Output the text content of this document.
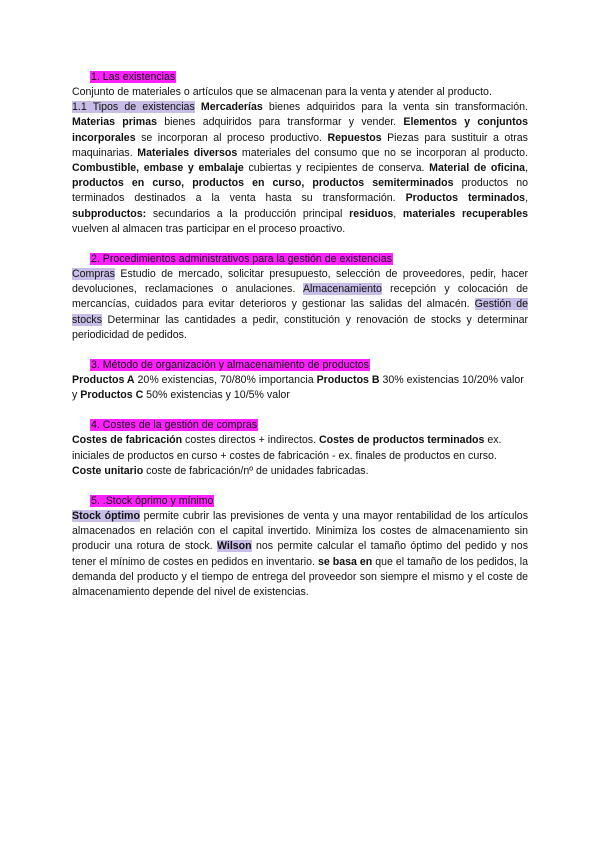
1. Las existencias

Conjunto de materiales o artículos que se almacenan para la venta y atender al producto.

1.1 Tipos de existencias Mercaderías bienes adquiridos para la venta sin transformación. Materias primas bienes adquiridos para transformar y vender. Elementos y conjuntos incorporales se incorporan al proceso productivo. Repuestos Piezas para sustituir a otras maquinarias. Materiales diversos materiales del consumo que no se incorporan al producto. Combustible, embase y embalaje cubiertas y recipientes de conserva. Material de oficina, productos en curso, productos en curso, productos semiterminados productos no terminados destinados a la venta hasta su transformación. Productos terminados, subproductos: secundarios a la producción principal residuos, materiales recuperables vuelven al almacen tras participar en el proceso proactivo.

2. Procedimientos administrativos para la gestión de existencias

Compras Estudio de mercado, solicitar presupuesto, selección de proveedores, pedir, hacer devoluciones, reclamaciones o anulaciones. Almacenamiento recepción y colocación de mercancías, cuidados para evitar deterioros y gestionar las salidas del almacén. Gestión de stocks Determinar las cantidades a pedir, constitución y renovación de stocks y determinar periodicidad de pedidos.

3. Método de organización y almacenamiento de productos

Productos A 20% existencias, 70/80% importancia Productos B 30% existencias 10/20% valor y Productos C 50% existencias y 10/5% valor

4. Costes de la gestión de compras

Costes de fabricación costes directos + indirectos. Costes de productos terminados ex. iniciales de productos en curso + costes de fabricación - ex. finales de productos en curso. Coste unitario coste de fabricación/nº de unidades fabricadas.

5. .Stock óprimo y mínimo

Stock óptimo permite cubrir las previsiones de venta y una mayor rentabilidad de los artículos almacenados en relación con el capital invertido. Minimiza los costes de almacenamiento sin producir una rotura de stock. Wilson nos permite calcular el tamaño óptimo del pedido y nos tener el mínimo de costes en pedidos en inventario. se basa en que el tamaño de los pedidos, la demanda del producto y el tiempo de entrega del proveedor son siempre el mismo y el coste de almacenamiento depende del nivel de existencias.
